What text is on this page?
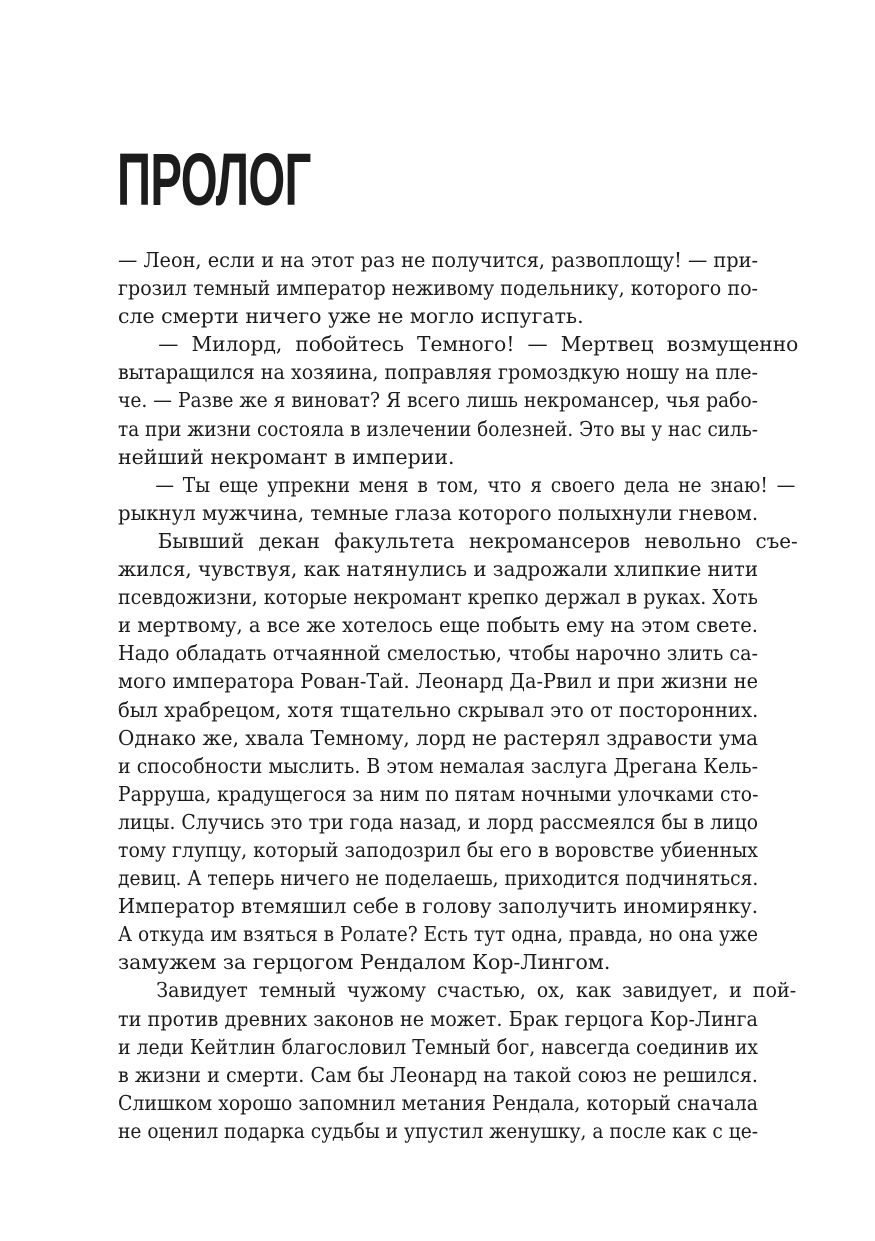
ПРОЛОГ

— Леон, если и на этот раз не получится, развоплощу! — при-
грозил темный император неживому подельнику, которого по-
сле смерти ничего уже не могло испугать.

— Милорд, побойтесь Темного! — Мертвец возмущенно
вытаращился на хозяина, поправляя громоздкую ношу на пле-
че. — Разве же я виноват? Я всего лишь некромансер, чья рабо-
та при жизни состояла в излечении болезней. Это вы у нас силь-
нейший некромант в империи.

— Ты еще упрекни меня в том, что я своего дела не знаю! —
рыкнул мужчина, темные глаза которого полыхнули гневом.

Бывший декан факультета некромансеров невольно съе-
жился, чувствуя, как натянулись и задрожали хлипкие нити
псевдожизни, которые некромант крепко держал в руках. Хоть
и мертвому, а все же хотелось еще побыть ему на этом свете.
Надо обладать отчаянной смелостью, чтобы нарочно злить са-
мого императора Рован-Тай. Леонард Да-Рвил и при жизни не
был храбрецом, хотя тщательно скрывал это от посторонних.
Однако же, хвала Темному, лорд не растерял здравости ума
и способности мыслить. В этом немалая заслуга Дрегана Кель-
Рарруша, крадущегося за ним по пятам ночными улочками сто-
лицы. Случись это три года назад, и лорд рассмеялся бы в лицо
тому глупцу, который заподозрил бы его в воровстве убиенных
девиц. А теперь ничего не поделаешь, приходится подчиняться.
Император втемяшил себе в голову заполучить иномирянку.
А откуда им взяться в Ролате? Есть тут одна, правда, но она уже
замужем за герцогом Рендалом Кор-Лингом.

Завидует темный чужому счастью, ох, как завидует, и пой-
ти против древних законов не может. Брак герцога Кор-Линга
и леди Кейтлин благословил Темный бог, навсегда соединив их
в жизни и смерти. Сам бы Леонард на такой союз не решился.
Слишком хорошо запомнил метания Рендала, который сначала
не оценил подарка судьбы и упустил женушку, а после как с це-
